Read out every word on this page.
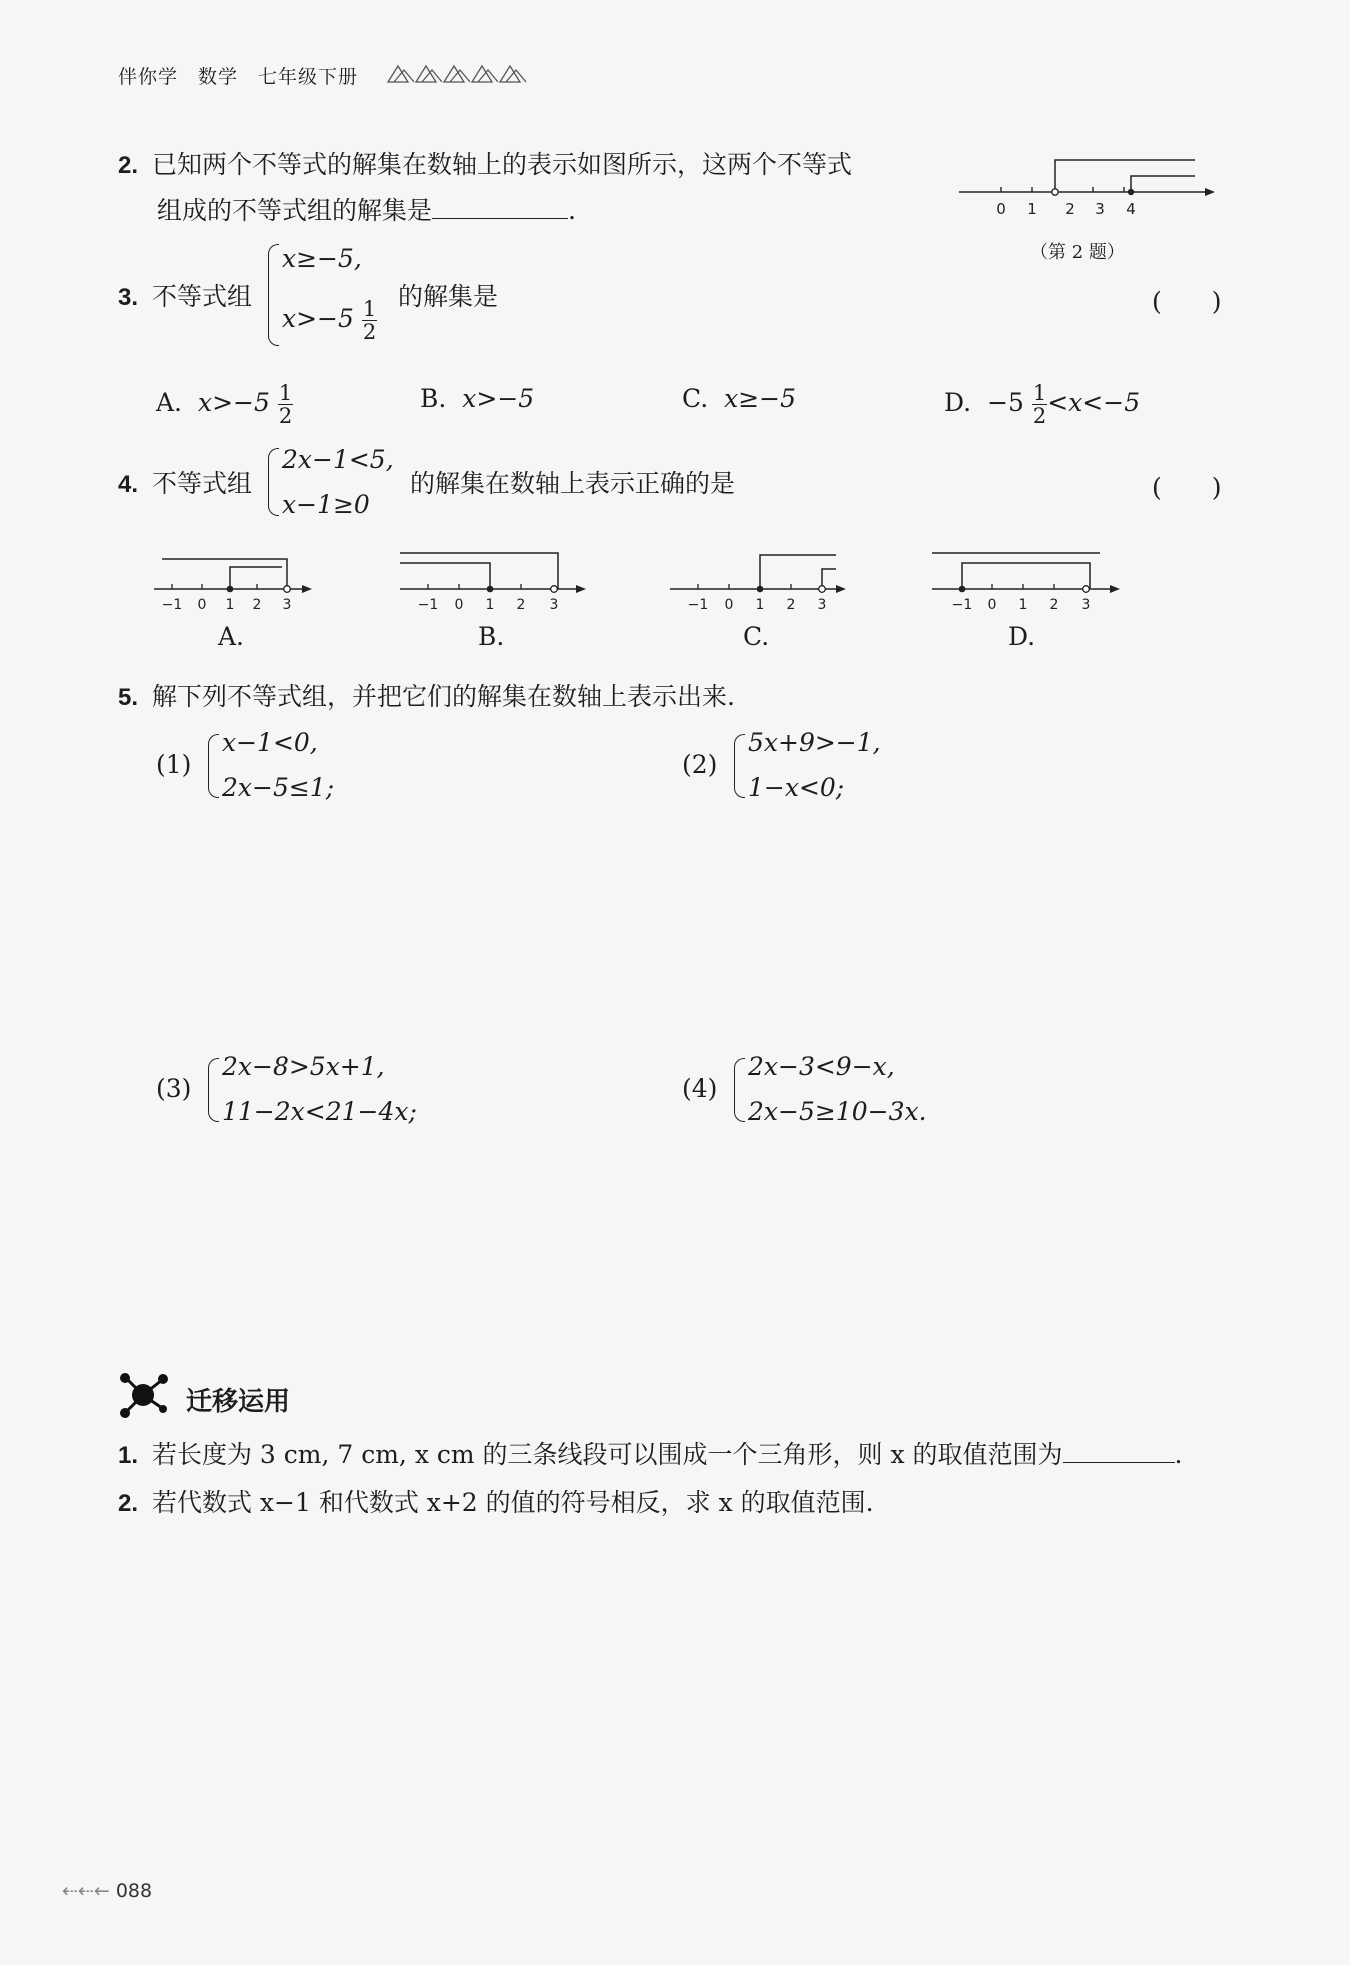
伴你学　数学　七年级下册
2. 已知两个不等式的解集在数轴上的表示如图所示，这两个不等式
组成的不等式组的解集是	.	0 1 2 3 4
（第 2 题）
3. 不等式组
x≥−5,
$x>-5 \frac{1}{2}$
的解集是	(　　)
A. $x>-5 \frac{1}{2}$	B. x>−5	C. x≥−5	D. $-5 \frac{1}{2} <x<-5$
4. 不等式组
2x−1<5,
x−1≥0
的解集在数轴上表示正确的是	(　　)
−1 0 1 2 3
A.
−1 0 1 2 3
B.
−1 0 1 2 3
C.
−1 0 1 2 3
D.
5. 解下列不等式组，并把它们的解集在数轴上表示出来.
(1)
x−1<0,
2x−5≤1;
(2)
5x+9>−1,
1−x<0;
(3)
2x−8>5x+1,
11−2x<21−4x;
(4)
2x−3<9−x,
2x−5≥10−3x.
迁移运用
1. 若长度为 3 cm, 7 cm, x cm 的三条线段可以围成一个三角形，则 x 的取值范围为	.
2. 若代数式 x−1 和代数式 x+2 的值的符号相反，求 x 的取值范围.
⇠⇠← 088
